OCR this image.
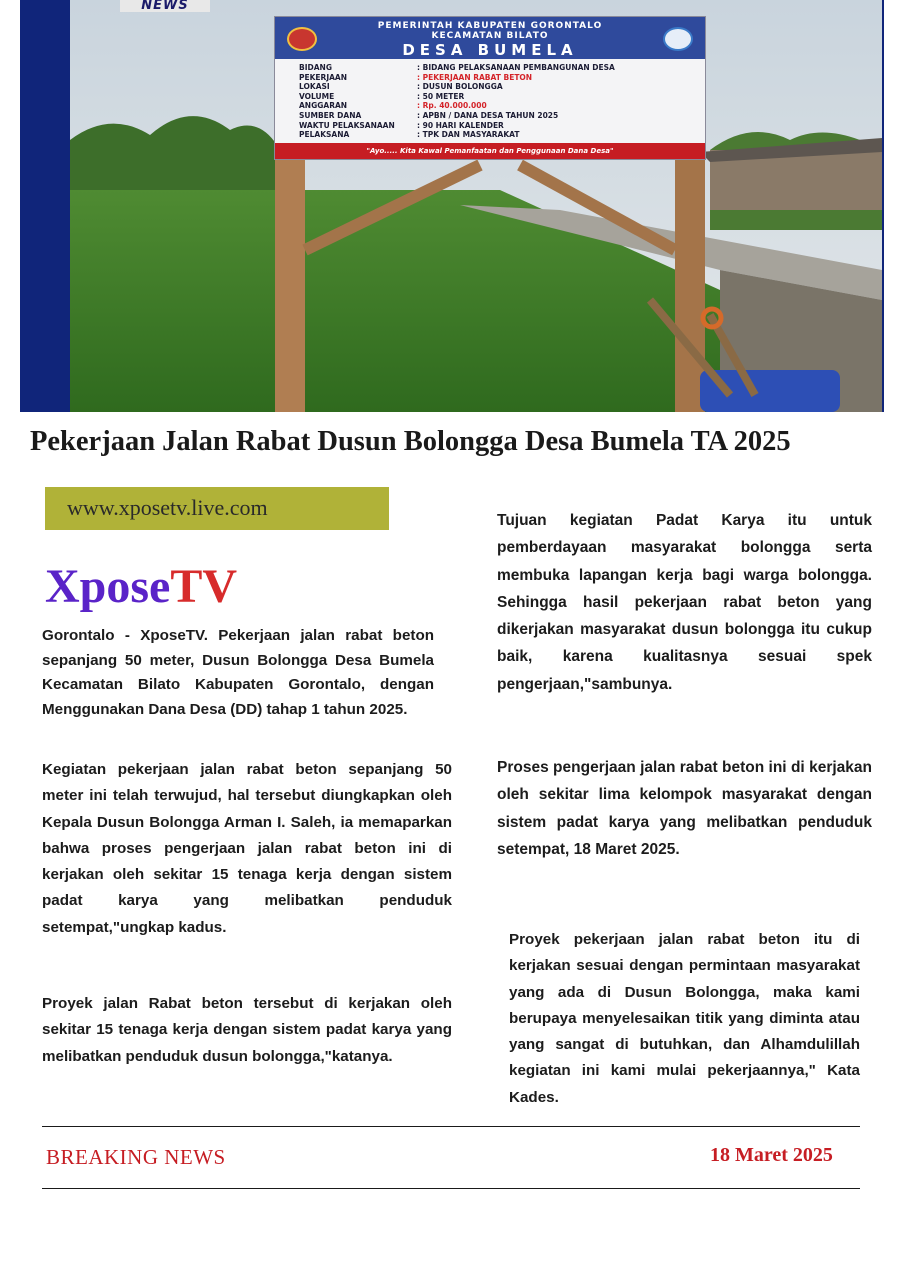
NEWS
PEMERINTAH KABUPATEN GORONTALO
KECAMATAN BILATO
DESA BUMELA
BIDANG	: BIDANG PELAKSANAAN PEMBANGUNAN DESA
PEKERJAAN	: PEKERJAAN RABAT BETON
LOKASI	: DUSUN BOLONGGA
VOLUME	: 50 METER
ANGGARAN	: Rp. 40.000.000
SUMBER DANA	: APBN / DANA DESA TAHUN 2025
WAKTU PELAKSANAAN	: 90 HARI KALENDER
PELAKSANA	: TPK DAN MASYARAKAT
"Ayo..... Kita Kawal Pemanfaatan dan Penggunaan Dana Desa"
Pekerjaan Jalan Rabat Dusun Bolongga Desa Bumela TA 2025
www.xposetv.live.com
XposeTV
Gorontalo - XposeTV. Pekerjaan jalan rabat beton sepanjang 50 meter, Dusun Bolongga Desa Bumela Kecamatan Bilato Kabupaten Gorontalo, dengan Menggunakan Dana Desa (DD) tahap 1 tahun 2025.
Kegiatan pekerjaan jalan rabat beton sepanjang 50 meter ini telah terwujud, hal tersebut diungkapkan oleh Kepala Dusun Bolongga Arman I. Saleh, ia memaparkan bahwa proses pengerjaan jalan rabat beton ini di kerjakan oleh sekitar 15 tenaga kerja dengan sistem padat karya yang melibatkan penduduk setempat,"ungkap kadus.
Proyek jalan Rabat beton tersebut di kerjakan oleh sekitar 15 tenaga kerja dengan sistem padat karya yang melibatkan penduduk dusun bolongga,"katanya.
Tujuan kegiatan Padat Karya itu untuk pemberdayaan masyarakat bolongga serta membuka lapangan kerja bagi warga bolongga. Sehingga hasil pekerjaan rabat beton yang dikerjakan masyarakat dusun bolongga itu cukup baik, karena kualitasnya sesuai spek pengerjaan,"sambunya.
Proses pengerjaan jalan rabat beton ini di kerjakan oleh sekitar lima kelompok masyarakat dengan sistem padat karya yang melibatkan penduduk setempat, 18 Maret 2025.
Proyek pekerjaan jalan rabat beton itu di kerjakan sesuai dengan permintaan masyarakat yang ada di Dusun Bolongga, maka kami berupaya menyelesaikan titik yang diminta atau yang sangat di butuhkan, dan Alhamdulillah kegiatan ini kami mulai pekerjaannya," Kata Kades.
BREAKING NEWS	18 Maret 2025
